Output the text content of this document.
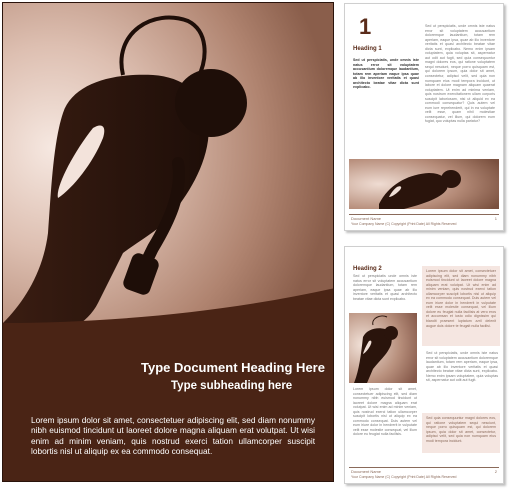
Type Document Heading Here

Type subheading here

Lorem ipsum dolor sit amet, consectetuer adipiscing elit, sed diam nonummy nibh euismod tincidunt ut laoreet dolore magna aliquam erat volutpat. Ut wisi enim ad minim veniam, quis nostrud exerci tation ullamcorper suscipit lobortis nisl ut aliquip ex ea commodo consequat.

1

Heading 1

Sed ut perspiciatis, unde omnis iste natus error sit voluptatem accusantium doloremque laudantium, totam rem aperiam eaque ipsa quae ab illo inventore veritatis et quasi architecto beatae vitae dicta sunt explicabo.

Sed ut perspiciatis, unde omnis iste natus error sit voluptatem accusantium doloremque laudantium, totam rem aperiam, eaque ipsa, quae ab illo inventore veritatis et quasi architecto beatae vitae dicta sunt, explicabo. Nemo enim ipsam voluptatem, quia voluptas sit, aspernatur aut odit aut fugit, sed quia consequuntur magni dolores eos, qui ratione voluptatem sequi nesciunt, neque porro quisquam est, qui dolorem ipsum, quia dolor sit amet, consectetur, adipisci velit, sed quia non numquam eius modi tempora incidunt, ut labore et dolore magnam aliquam quaerat voluptatem. Ut enim ad minima veniam, quis nostrum exercitationem ullam corporis suscipit laboriosam, nisi ut aliquid ex ea commodi consequatur? Quis autem vel eum iure reprehenderit, qui in ea voluptate velit esse, quam nihil molestiae consequatur, vel illum, qui dolorem eum fugiat, quo voluptas nulla pariatur?

Document Name

Your Company Name (C) Copyright (Print Date) All Rights Reserved

1

Heading 2

Sed ut perspiciatis unde omnis iste natus error sit voluptatem accusantium doloremque laudantium, totam rem aperiam, eaque ipsa quae ab illo inventore veritatis et quasi architecto beatae vitae dicta sunt explicabo.

Lorem ipsum dolor sit amet, consectetuer adipiscing elit, sed diam nonummy nibh euismod tincidunt ut laoreet dolore magna aliquam erat volutpat. Ut wisi enim ad minim veniam, quis nostrud exerci tation ullamcorper suscipit lobortis nisl ut aliquip ex ea commodo consequat. Duis autem vel eum iriure dolor in hendrerit in vulputate velit esse molestie consequat, vel illum dolore eu feugiat nulla facilisis.

Lorem ipsum dolor sit amet, consectetuer adipiscing elit, sed diam nonummy nibh euismod tincidunt ut laoreet dolore magna aliquam erat volutpat. Ut wisi enim ad minim veniam, quis nostrud exerci tation ullamcorper suscipit lobortis nisl ut aliquip ex ea commodo consequat. Duis autem vel eum iriure dolor in hendrerit in vulputate velit esse molestie consequat, vel illum dolore eu feugiat nulla facilisis at vero eros et accumsan et iusto odio dignissim qui blandit praesent luptatum zzril delenit augue duis dolore te feugait nulla facilisi.

Sed ut perspiciatis, unde omnis iste natus error sit voluptatem accusantium doloremque laudantium, totam rem aperiam, eaque ipsa, quae ab illo inventore veritatis et quasi architecto beatae vitae dicta sunt, explicabo. Nemo enim ipsam voluptatem, quia voluptas sit, aspernatur aut odit aut fugit.

Sed quia consequuntur magni dolores eos, qui ratione voluptatem sequi nesciunt, neque porro quisquam est, qui dolorem ipsum, quia dolor sit amet, consectetur, adipisci velit, sed quia non numquam eius modi tempora incidunt.

Document Name

Your Company Name (C) Copyright (Print Date) All Rights Reserved

2
